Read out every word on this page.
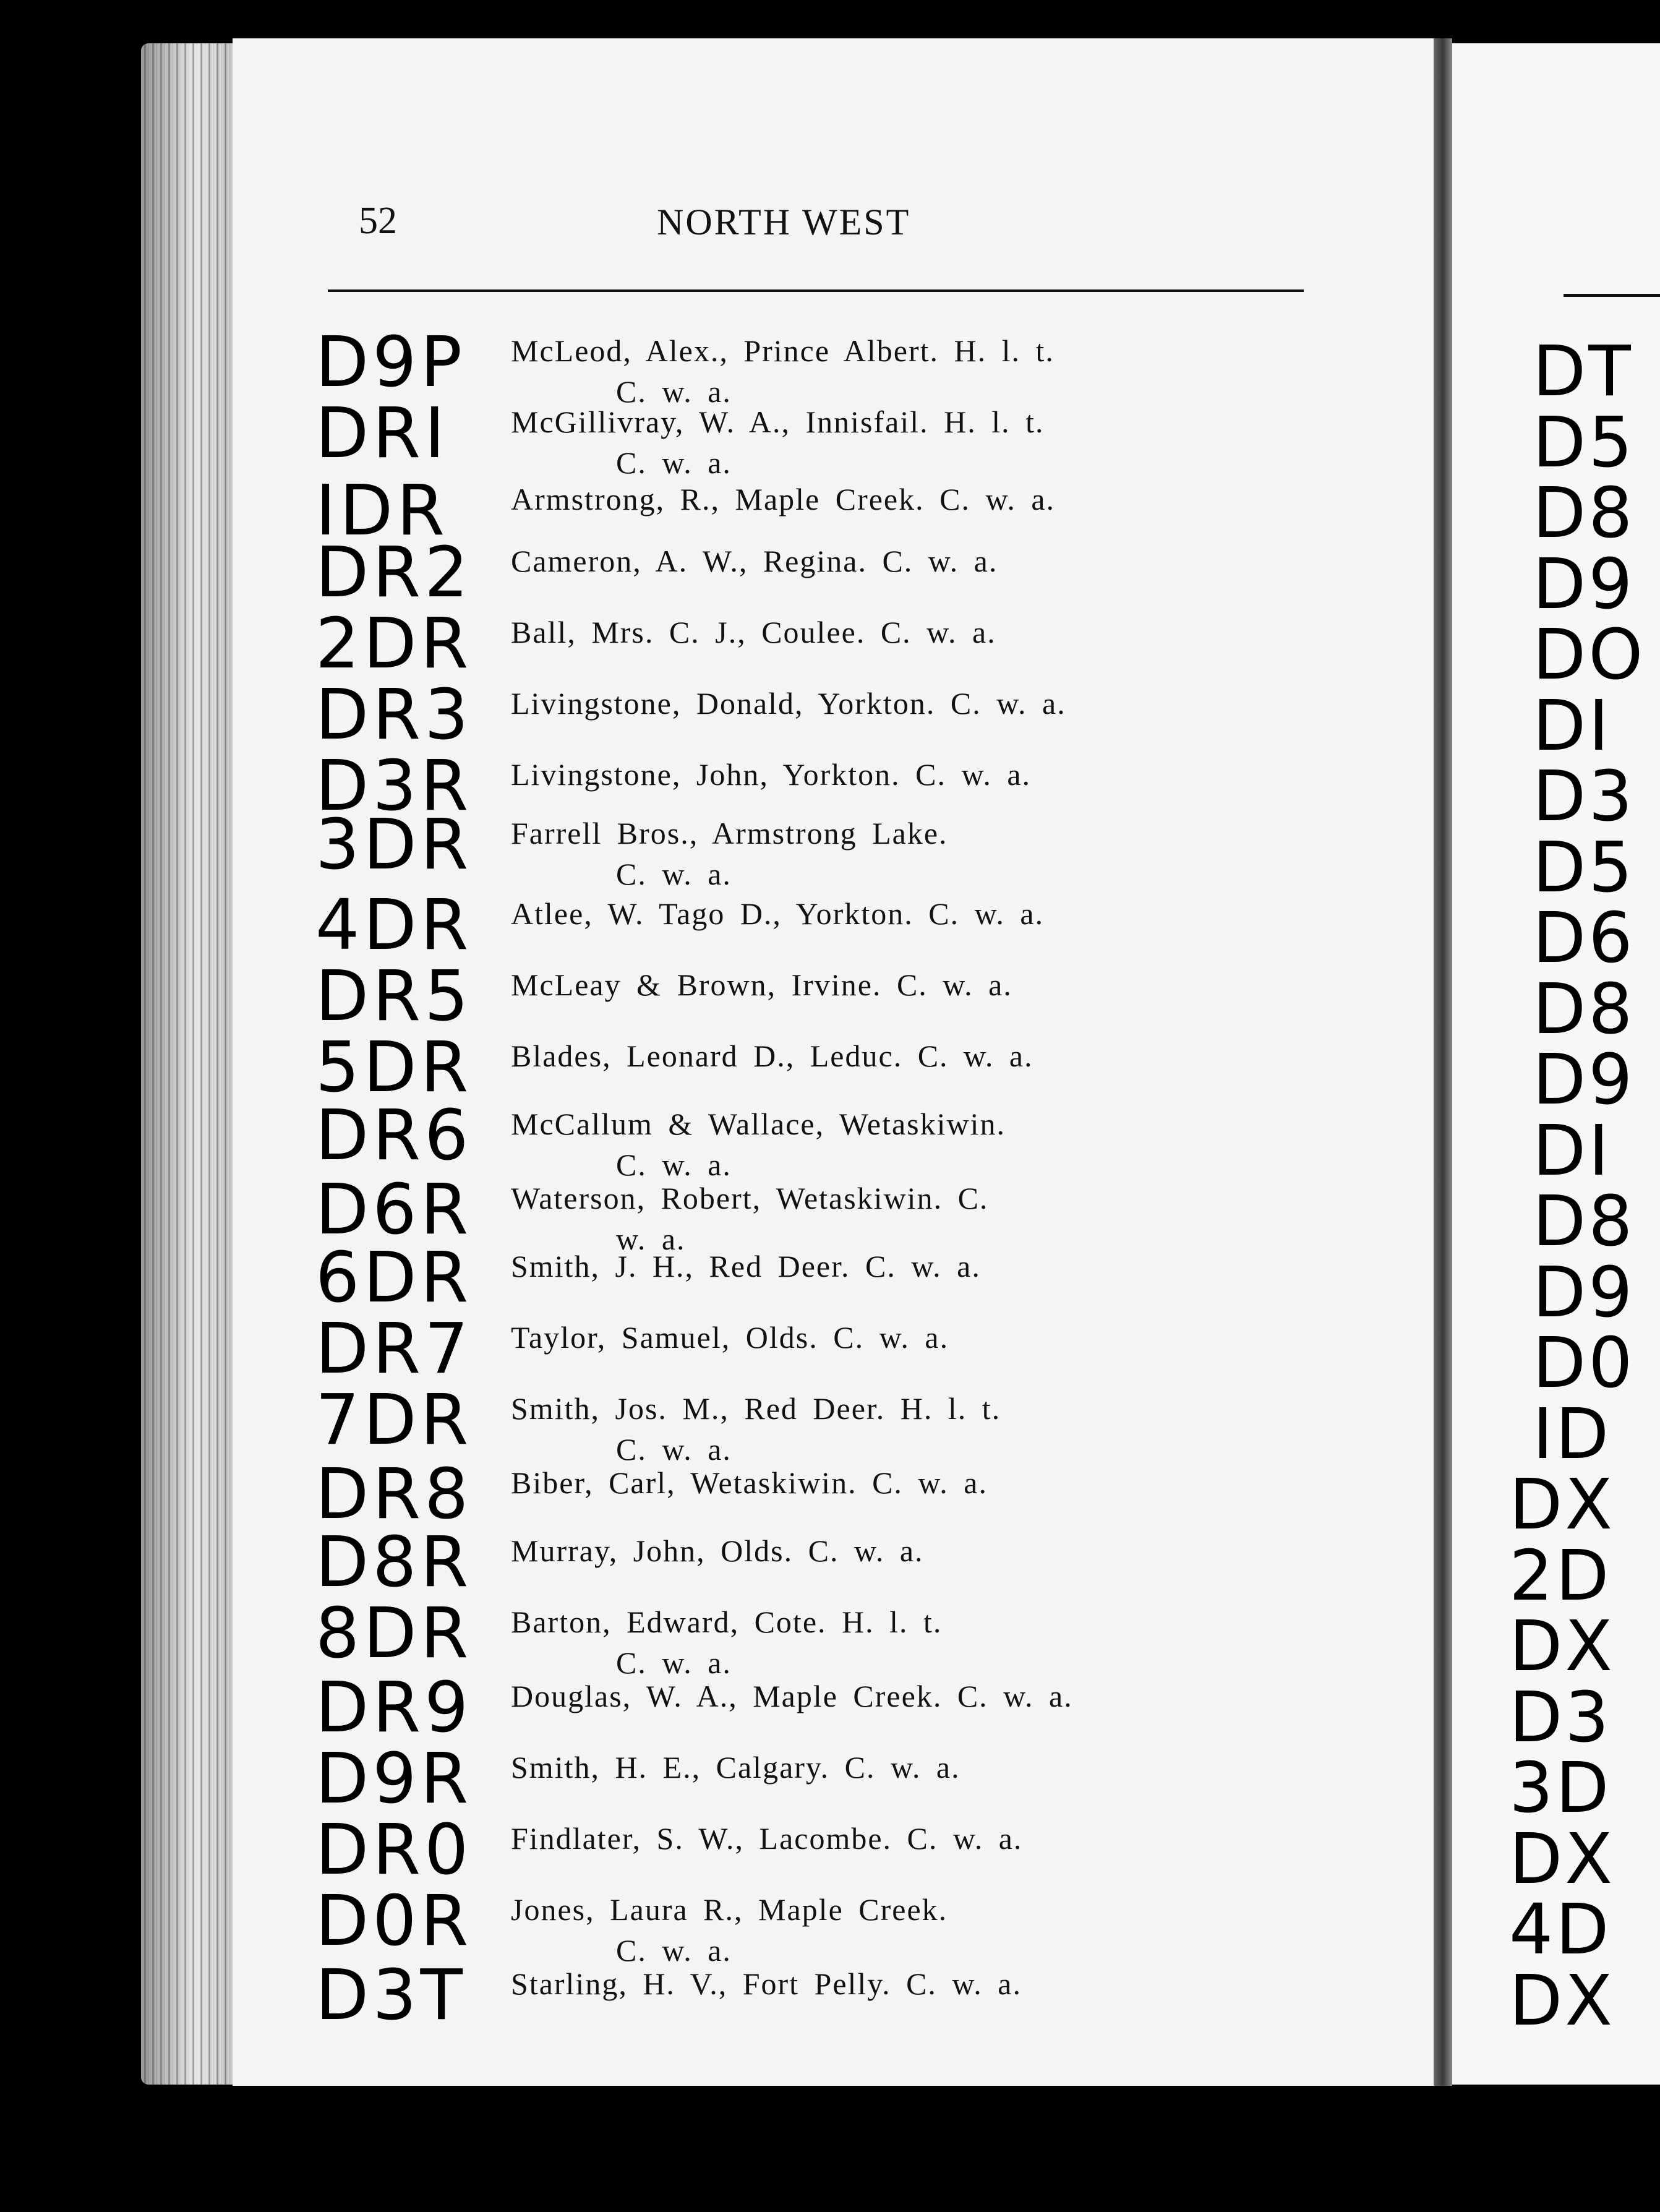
DT
D5
D8
D9
DO
DI
D3
D5
D6
D8
D9
DI
D8
D9
D0
ID
DX
2D
DX
D3
3D
DX
4D
DX
52	NORTH WEST
D9P	McLeod, Alex., Prince Albert. H. l. t.
C. w. a.
DRI	McGillivray, W. A., Innisfail. H. l. t.
C. w. a.
IDR	Armstrong, R., Maple Creek. C. w. a.
DR2	Cameron, A. W., Regina. C. w. a.
2DR	Ball, Mrs. C. J., Coulee. C. w. a.
DR3	Livingstone, Donald, Yorkton. C. w. a.
D3R	Livingstone, John, Yorkton. C. w. a.
3DR	Farrell Bros., Armstrong Lake.
C. w. a.
4DR	Atlee, W. Tago D., Yorkton. C. w. a.
DR5	McLeay & Brown, Irvine. C. w. a.
5DR	Blades, Leonard D., Leduc. C. w. a.
DR6	McCallum & Wallace, Wetaskiwin.
C. w. a.
D6R	Waterson, Robert, Wetaskiwin. C.
w. a.
6DR	Smith, J. H., Red Deer. C. w. a.
DR7	Taylor, Samuel, Olds. C. w. a.
7DR	Smith, Jos. M., Red Deer. H. l. t.
C. w. a.
DR8	Biber, Carl, Wetaskiwin. C. w. a.
D8R	Murray, John, Olds. C. w. a.
8DR	Barton, Edward, Cote. H. l. t.
C. w. a.
DR9	Douglas, W. A., Maple Creek. C. w. a.
D9R	Smith, H. E., Calgary. C. w. a.
DR0	Findlater, S. W., Lacombe. C. w. a.
D0R	Jones, Laura R., Maple Creek.
C. w. a.
D3T	Starling, H. V., Fort Pelly. C. w. a.
